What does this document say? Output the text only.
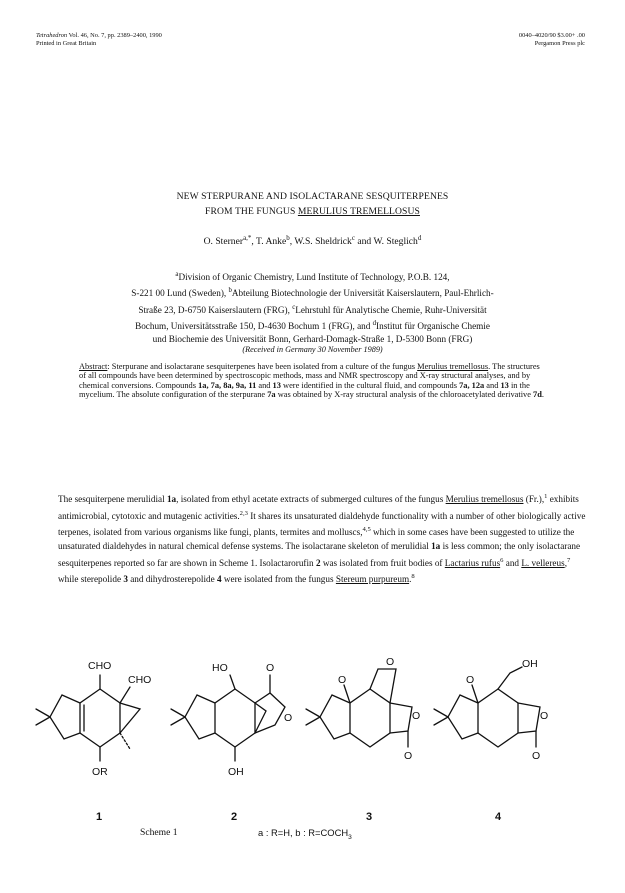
Tetrahedron Vol. 46, No. 7, pp. 2389–2400, 1990
Printed in Great Britain
0040–4020/90 $3.00+ .00
Pergamon Press plc
NEW STERPURANE AND ISOLACTARANE SESQUITERPENES
FROM THE FUNGUS MERULIUS TREMELLOSUS
O. Sterner$^{a,*}$, T. Anke$^b$, W.S. Sheldrick$^c$ and W. Steglich$^d$
$^a$Division of Organic Chemistry, Lund Institute of Technology, P.O.B. 124,
S-221 00 Lund (Sweden), $^b$Abteilung Biotechnologie der Universität Kaiserslautern, Paul-Ehrlich-
Straße 23, D-6750 Kaiserslautern (FRG), $^c$Lehrstuhl für Analytische Chemie, Ruhr-Universität
Bochum, Universitätsstraße 150, D-4630 Bochum 1 (FRG), and $^d$Institut für Organische Chemie
und Biochemie des Universität Bonn, Gerhard-Domagk-Straße 1, D-5300 Bonn (FRG)
(Received in Germany 30 November 1989)
Abstract: Sterpurane and isolactarane sesquiterpenes have been isolated from a culture of the fungus Merulius tremellosus. The structures of all compounds have been determined by spectroscopic methods, mass and NMR spectroscopy and X-ray structural analyses, and by chemical conversions. Compounds 1a, 7a, 8a, 9a, 11 and 13 were identified in the cultural fluid, and compounds 7a, 12a and 13 in the mycelium. The absolute configuration of the sterpurane 7a was obtained by X-ray structural analysis of the chloroacetylated derivative 7d.
The sesquiterpene merulidial 1a, isolated from ethyl acetate extracts of submerged cultures of the fungus Merulius tremellosus (Fr.),$^1$ exhibits antimicrobial, cytotoxic and mutagenic activities.$^{2,3}$ It shares its unsaturated dialdehyde functionality with a number of other biologically active terpenes, isolated from various organisms like fungi, plants, termites and molluscs,$^{4,5}$ which in some cases have been suggested to utilize the unsaturated dialdehydes in natural chemical defense systems. The isolactarane skeleton of merulidial 1a is less common; the only isolactarane sesquiterpenes reported so far are shown in Scheme 1. Isolactarorufin 2 was isolated from fruit bodies of Lactarius rufus$^6$ and L. vellereus,$^7$ while sterepolide 3 and dihydrosterepolide 4 were isolated from the fungus Stereum purpureum.$^8$
CHO
CHO
OR
HO	O
O
OH
O
O
O
O
OH
O
O
O
1	2	3	4
Scheme 1	a : R=H, b : $R=COCH_3$
